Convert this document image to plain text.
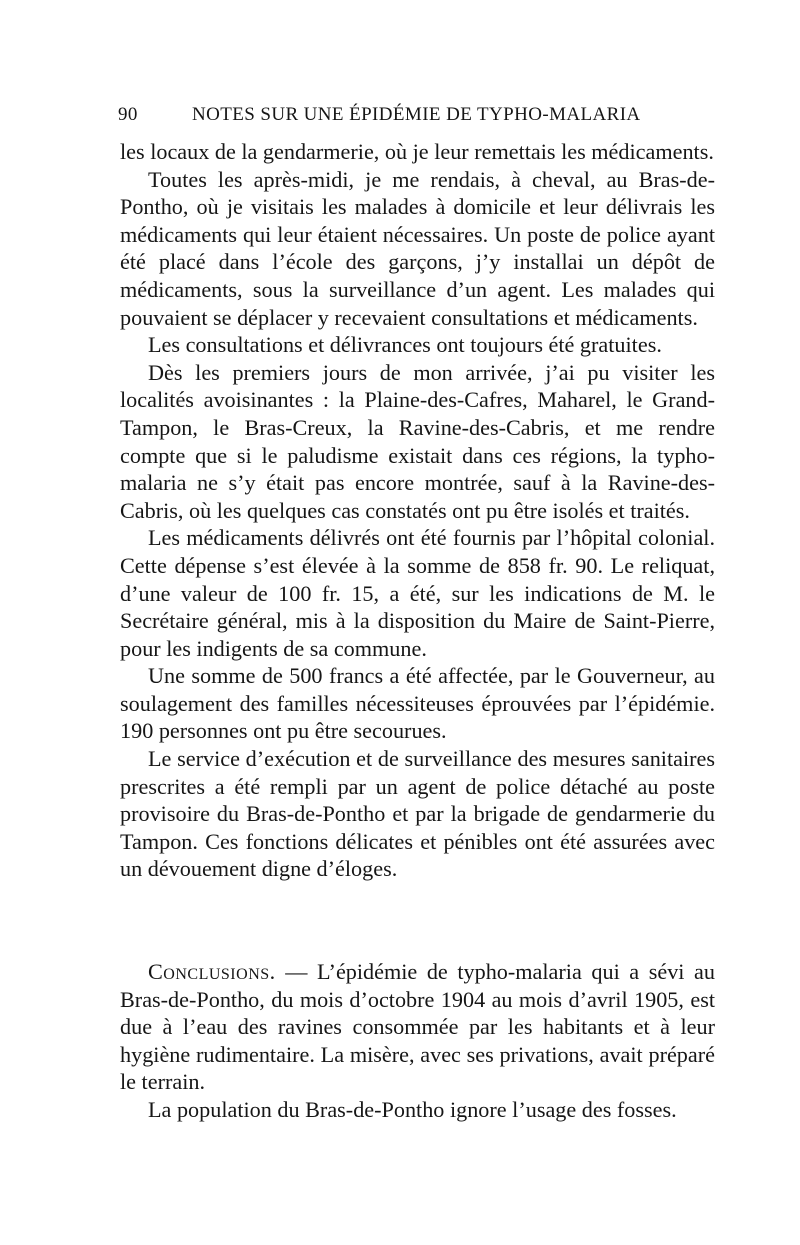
90	NOTES SUR UNE ÉPIDÉMIE DE TYPHO-MALARIA

les locaux de la gendarmerie, où je leur remettais les médicaments.

Toutes les après-midi, je me rendais, à cheval, au Bras-de-Pontho, où je visitais les malades à domicile et leur délivrais les médicaments qui leur étaient nécessaires. Un poste de police ayant été placé dans l’école des garçons, j’y installai un dépôt de médicaments, sous la surveillance d’un agent. Les malades qui pouvaient se déplacer y recevaient consultations et médicaments.

Les consultations et délivrances ont toujours été gratuites.

Dès les premiers jours de mon arrivée, j’ai pu visiter les localités avoisinantes : la Plaine-des-Cafres, Maharel, le Grand-Tampon, le Bras-Creux, la Ravine-des-Cabris, et me rendre compte que si le paludisme existait dans ces régions, la typho-malaria ne s’y était pas encore montrée, sauf à la Ravine-des-Cabris, où les quelques cas constatés ont pu être isolés et traités.

Les médicaments délivrés ont été fournis par l’hôpital colonial. Cette dépense s’est élevée à la somme de 858 fr. 90. Le reliquat, d’une valeur de 100 fr. 15, a été, sur les indications de M. le Secrétaire général, mis à la disposition du Maire de Saint-Pierre, pour les indigents de sa commune.

Une somme de 500 francs a été affectée, par le Gouverneur, au soulagement des familles nécessiteuses éprouvées par l’épidémie. 190 personnes ont pu être secourues.

Le service d’exécution et de surveillance des mesures sanitaires prescrites a été rempli par un agent de police détaché au poste provisoire du Bras-de-Pontho et par la brigade de gendarmerie du Tampon. Ces fonctions délicates et pénibles ont été assurées avec un dévouement digne d’éloges.

Conclusions. — L’épidémie de typho-malaria qui a sévi au Bras-de-Pontho, du mois d’octobre 1904 au mois d’avril 1905, est due à l’eau des ravines consommée par les habitants et à leur hygiène rudimentaire. La misère, avec ses privations, avait préparé le terrain.

La population du Bras-de-Pontho ignore l’usage des fosses.
